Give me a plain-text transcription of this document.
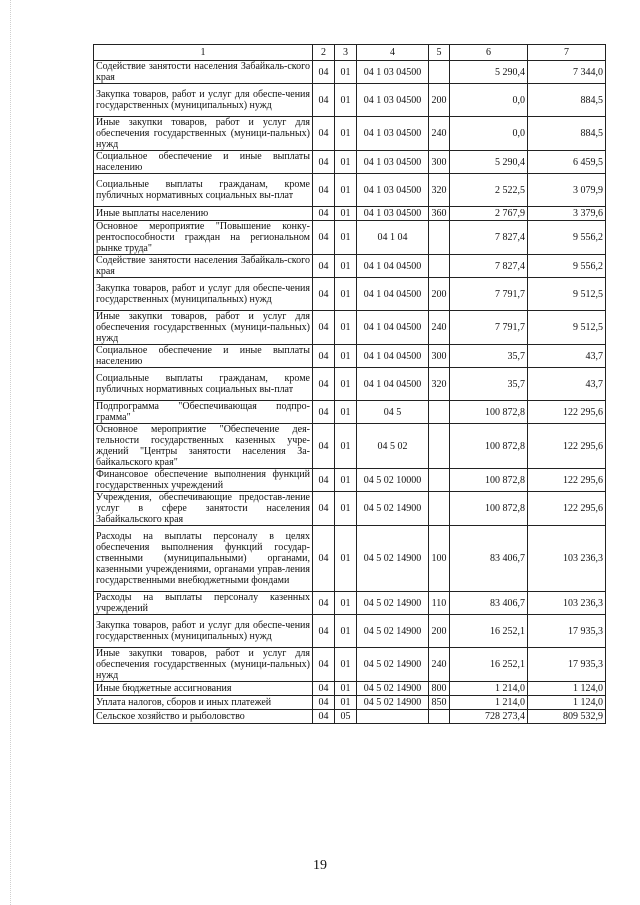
1	2	3	4	5	6	7
Содействие занятости населения Забайкаль-ского края	04	01	04 1 03 04500		5 290,4	7 344,0
Закупка товаров, работ и услуг для обеспе-чения государственных (муниципальных) нужд	04	01	04 1 03 04500	200	0,0	884,5
Иные закупки товаров, работ и услуг для обеспечения государственных (муници-пальных) нужд	04	01	04 1 03 04500	240	0,0	884,5
Социальное обеспечение и иные выплаты населению	04	01	04 1 03 04500	300	5 290,4	6 459,5
Социальные выплаты гражданам, кроме публичных нормативных социальных вы-плат	04	01	04 1 03 04500	320	2 522,5	3 079,9
Иные выплаты населению	04	01	04 1 03 04500	360	2 767,9	3 379,6
Основное мероприятие "Повышение конку-рентоспособности граждан на региональном рынке труда"	04	01	04 1 04		7 827,4	9 556,2
Содействие занятости населения Забайкаль-ского края	04	01	04 1 04 04500		7 827,4	9 556,2
Закупка товаров, работ и услуг для обеспе-чения государственных (муниципальных) нужд	04	01	04 1 04 04500	200	7 791,7	9 512,5
Иные закупки товаров, работ и услуг для обеспечения государственных (муници-пальных) нужд	04	01	04 1 04 04500	240	7 791,7	9 512,5
Социальное обеспечение и иные выплаты населению	04	01	04 1 04 04500	300	35,7	43,7
Социальные выплаты гражданам, кроме публичных нормативных социальных вы-плат	04	01	04 1 04 04500	320	35,7	43,7
Подпрограмма "Обеспечивающая подпро-грамма"	04	01	04 5		100 872,8	122 295,6
Основное мероприятие "Обеспечение дея-тельности государственных казенных учре-ждений "Центры занятости населения За-байкальского края"	04	01	04 5 02		100 872,8	122 295,6
Финансовое обеспечение выполнения функций государственных учреждений	04	01	04 5 02 10000		100 872,8	122 295,6
Учреждения, обеспечивающие предостав-ление услуг в сфере занятости населения Забайкальского края	04	01	04 5 02 14900		100 872,8	122 295,6
Расходы на выплаты персоналу в целях обеспечения выполнения функций государ-ственными (муниципальными) органами, казенными учреждениями, органами управ-ления государственными внебюджетными фондами	04	01	04 5 02 14900	100	83 406,7	103 236,3
Расходы на выплаты персоналу казенных учреждений	04	01	04 5 02 14900	110	83 406,7	103 236,3
Закупка товаров, работ и услуг для обеспе-чения государственных (муниципальных) нужд	04	01	04 5 02 14900	200	16 252,1	17 935,3
Иные закупки товаров, работ и услуг для обеспечения государственных (муници-пальных) нужд	04	01	04 5 02 14900	240	16 252,1	17 935,3
Иные бюджетные ассигнования	04	01	04 5 02 14900	800	1 214,0	1 124,0
Уплата налогов, сборов и иных платежей	04	01	04 5 02 14900	850	1 214,0	1 124,0
Сельское хозяйство и рыболовство	04	05			728 273,4	809 532,9
19
